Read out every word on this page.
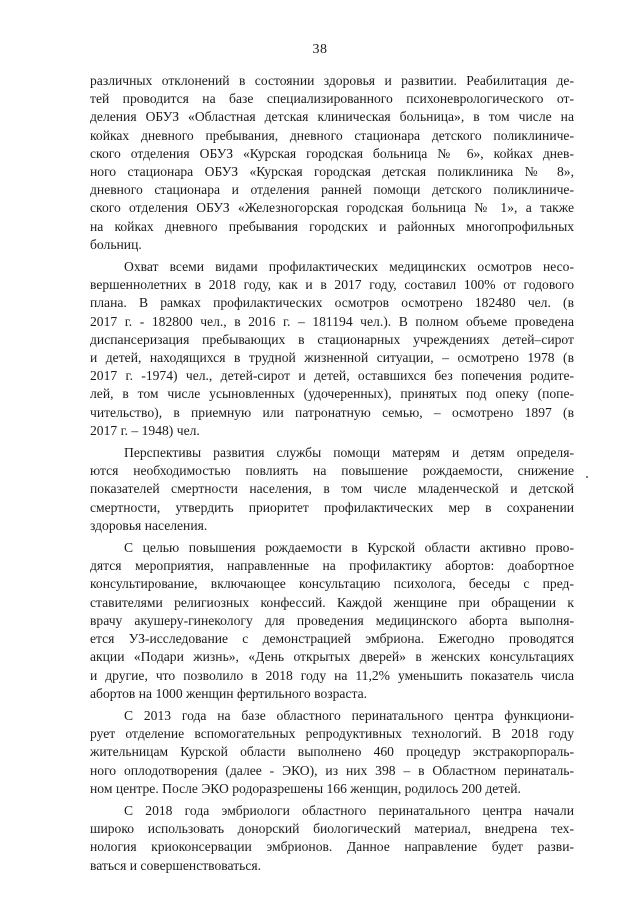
38

различных отклонений в состоянии здоровья и развитии. Реабилитация де-
тей проводится на базе специализированного психоневрологического от-
деления ОБУЗ «Областная детская клиническая больница», в том числе на
койках дневного пребывания, дневного стационара детского поликлиниче-
ского отделения ОБУЗ «Курская городская больница № 6», койках днев-
ного стационара ОБУЗ «Курская городская детская поликлиника № 8»,
дневного стационара и отделения ранней помощи детского поликлиниче-
ского отделения ОБУЗ «Железногорская городская больница № 1», а также
на койках дневного пребывания городских и районных многопрофильных
больниц.

Охват всеми видами профилактических медицинских осмотров несо-
вершеннолетних в 2018 году, как и в 2017 году, составил 100% от годового
плана. В рамках профилактических осмотров осмотрено 182480 чел. (в
2017 г. - 182800 чел., в 2016 г. – 181194 чел.). В полном объеме проведена
диспансеризация пребывающих в стационарных учреждениях детей–сирот
и детей, находящихся в трудной жизненной ситуации, – осмотрено 1978 (в
2017 г. -1974) чел., детей-сирот и детей, оставшихся без попечения родите-
лей, в том числе усыновленных (удочеренных), принятых под опеку (попе-
чительство), в приемную или патронатную семью, – осмотрено 1897 (в
2017 г. – 1948) чел.

Перспективы развития службы помощи матерям и детям определя-
ются необходимостью повлиять на повышение рождаемости, снижение
показателей смертности населения, в том числе младенческой и детской
смертности, утвердить приоритет профилактических мер в сохранении
здоровья населения.

С целью повышения рождаемости в Курской области активно прово-
дятся мероприятия, направленные на профилактику абортов: доабортное
консультирование, включающее консультацию психолога, беседы с пред-
ставителями религиозных конфессий. Каждой женщине при обращении к
врачу акушеру-гинекологу для проведения медицинского аборта выполня-
ется УЗ-исследование с демонстрацией эмбриона. Ежегодно проводятся
акции «Подари жизнь», «День открытых дверей» в женских консультациях
и другие, что позволило в 2018 году на 11,2% уменьшить показатель числа
абортов на 1000 женщин фертильного возраста.

С 2013 года на базе областного перинатального центра функциони-
рует отделение вспомогательных репродуктивных технологий. В 2018 году
жительницам Курской области выполнено 460 процедур экстракорпораль-
ного оплодотворения (далее - ЭКО), из них 398 – в Областном перинаталь-
ном центре. После ЭКО родоразрешены 166 женщин, родилось 200 детей.

С 2018 года эмбриологи областного перинатального центра начали
широко использовать донорский биологический материал, внедрена тех-
нология криоконсервации эмбрионов. Данное направление будет разви-
ваться и совершенствоваться.
